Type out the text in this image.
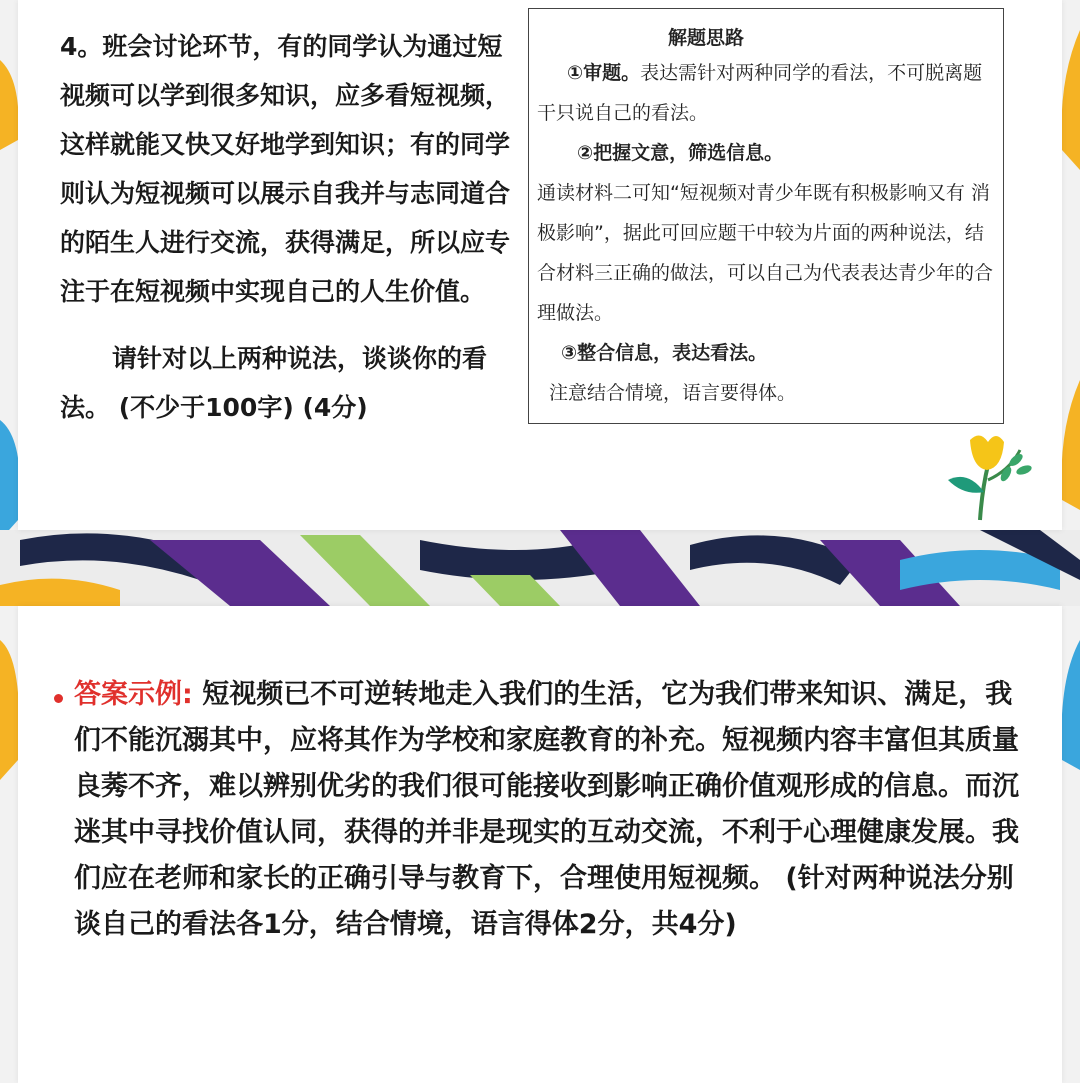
4。班会讨论环节，有的同学认为通过短视频可以学到很多知识，应多看短视频，这样就能又快又好地学到知识；有的同学则认为短视频可以展示自我并与志同道合的陌生人进行交流，获得满足，所以应专注于在短视频中实现自己的人生价值。

请针对以上两种说法，谈谈你的看法。 (不少于100字) (4分)

解题思路

①审题。表达需针对两种同学的看法，不可脱离题干只说自己的看法。

②把握文意，筛选信息。

通读材料二可知“短视频对青少年既有积极影响又有 消极影响”，据此可回应题干中较为片面的两种说法，结合材料三正确的做法，可以自己为代表表达青少年的合理做法。

③整合信息，表达看法。

注意结合情境，语言要得体。

答案示例: 短视频已不可逆转地走入我们的生活，它为我们带来知识、满足，我们不能沉溺其中，应将其作为学校和家庭教育的补充。短视频内容丰富但其质量良莠不齐，难以辨别优劣的我们很可能接收到影响正确价值观形成的信息。而沉迷其中寻找价值认同，获得的并非是现实的互动交流，不利于心理健康发展。我们应在老师和家长的正确引导与教育下，合理使用短视频。 (针对两种说法分别谈自己的看法各1分，结合情境，语言得体2分，共4分)
